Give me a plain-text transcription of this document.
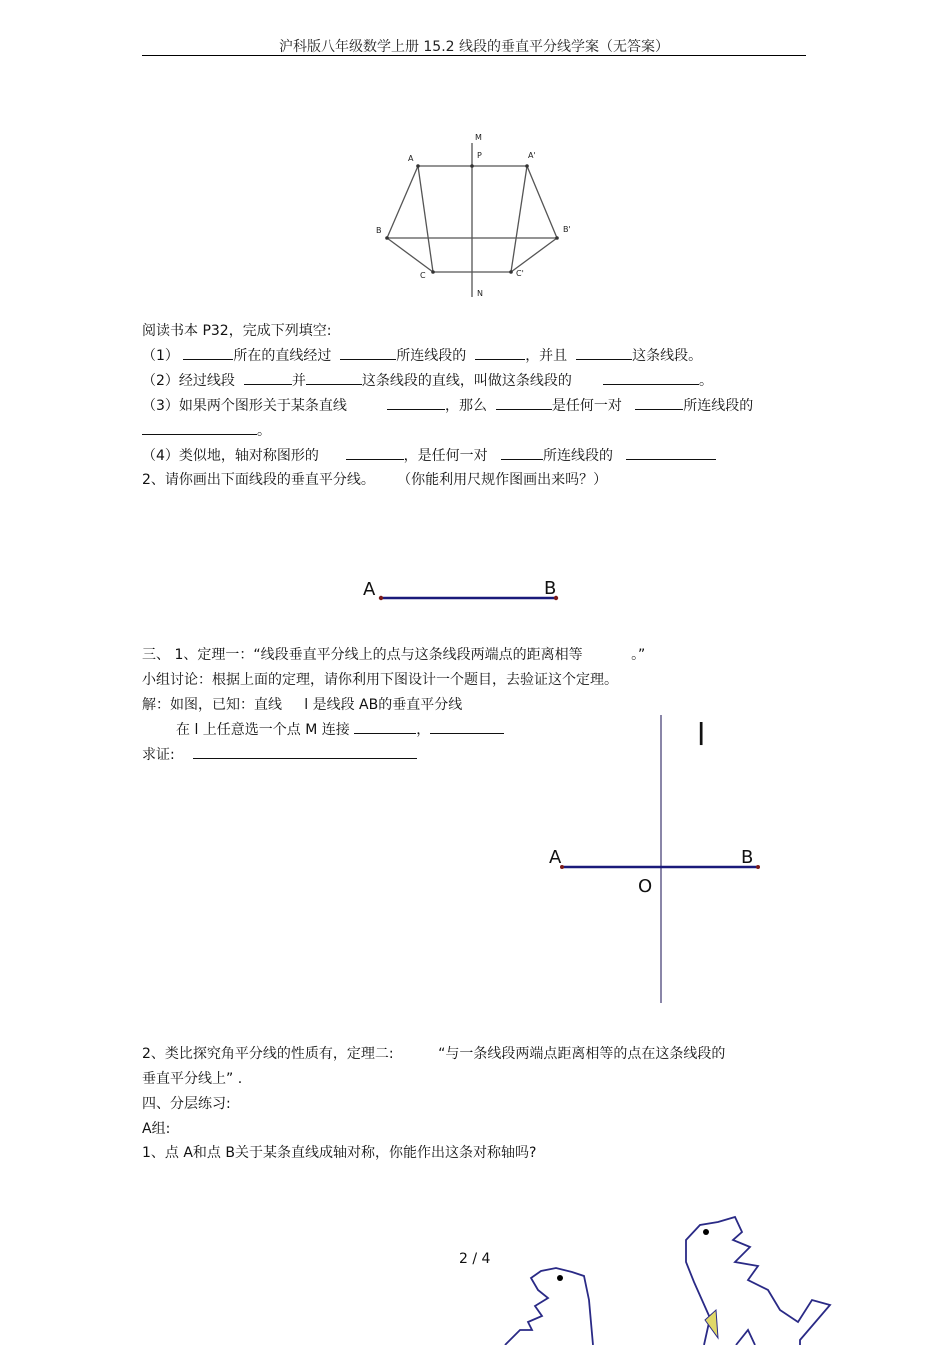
沪科版八年级数学上册 15.2 线段的垂直平分线学案（无答案）
M
P
A	A'
B	B'
C	C'
N
阅读书本 P32，完成下列填空:
（1）	所在的直线经过	所连线段的	，并且	这条线段。
（2）经过线段	并	这条线段的直线，叫做这条线段的	。
（3）如果两个图形关于某条直线	，那么	是任何一对	所连线段的
。
（4）类似地，轴对称图形的	，是任何一对	所连线段的
2、请你画出下面线段的垂直平分线。 （你能利用尺规作图画出来吗？）
A	B
三、 1、定理一：“线段垂直平分线上的点与这条线段两端点的距离相等	。”
小组讨论：根据上面的定理，请你利用下图设计一个题目，去验证这个定理。
解：如图，已知：直线 l 是线段 AB的垂直平分线
在 l 上任意选一个点 M 连接	，
求证:
l
A	B
O
2、类比探究角平分线的性质有，定理二:	“与一条线段两端点距离相等的点在这条线段的
垂直平分线上” .
四、分层练习:
A组:
1、点 A和点 B关于某条直线成轴对称，你能作出这条对称轴吗?
2 / 4
